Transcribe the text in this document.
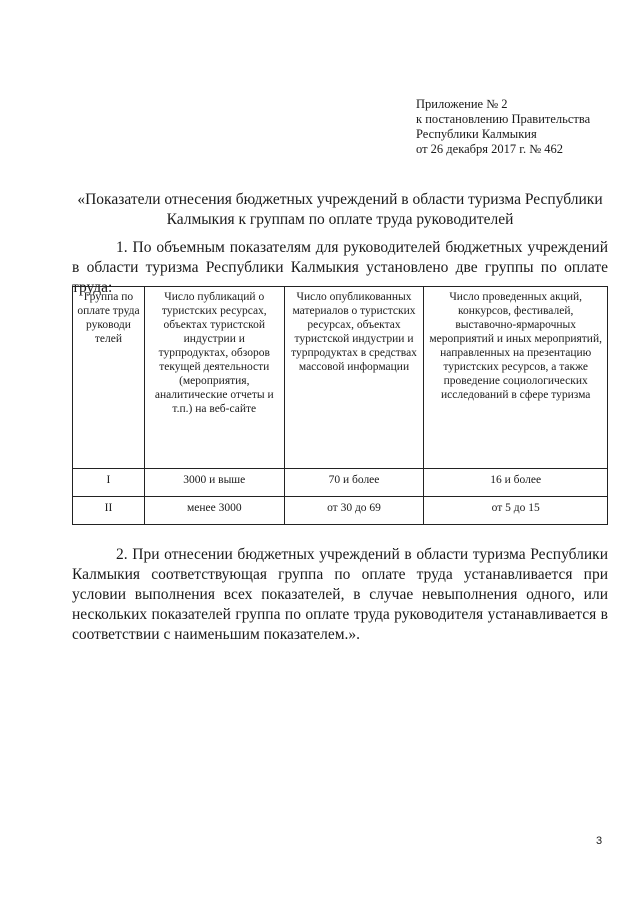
Приложение № 2
к постановлению Правительства
Республики Калмыкия
от 26 декабря 2017 г. № 462
«Показатели отнесения бюджетных учреждений в области туризма Республики Калмыкия к группам по оплате труда руководителей
1. По объемным показателям для руководителей бюджетных учреждений в области туризма Республики Калмыкия установлено две группы по оплате труда:
Группа по оплате труда руководи телей	Число публикаций о туристских ресурсах, объектах туристской индустрии и турпродуктах, обзоров текущей деятельности (мероприятия, аналитические отчеты и т.п.) на веб-сайте	Число опубликованных материалов о туристских ресурсах, объектах туристской индустрии и турпродуктах в средствах массовой информации	Число проведенных акций, конкурсов, фестивалей, выставочно-ярмарочных мероприятий и иных мероприятий, направленных на презентацию туристских ресурсов, а также проведение социологических исследований в сфере туризма
I	3000 и выше	70 и более	16 и более
II	менее 3000	от 30 до 69	от 5 до 15
2. При отнесении бюджетных учреждений в области туризма Республики Калмыкия соответствующая группа по оплате труда устанавливается при условии выполнения всех показателей, в случае невыполнения одного, или нескольких показателей группа по оплате труда руководителя устанавливается в соответствии с наименьшим показателем.».
3
